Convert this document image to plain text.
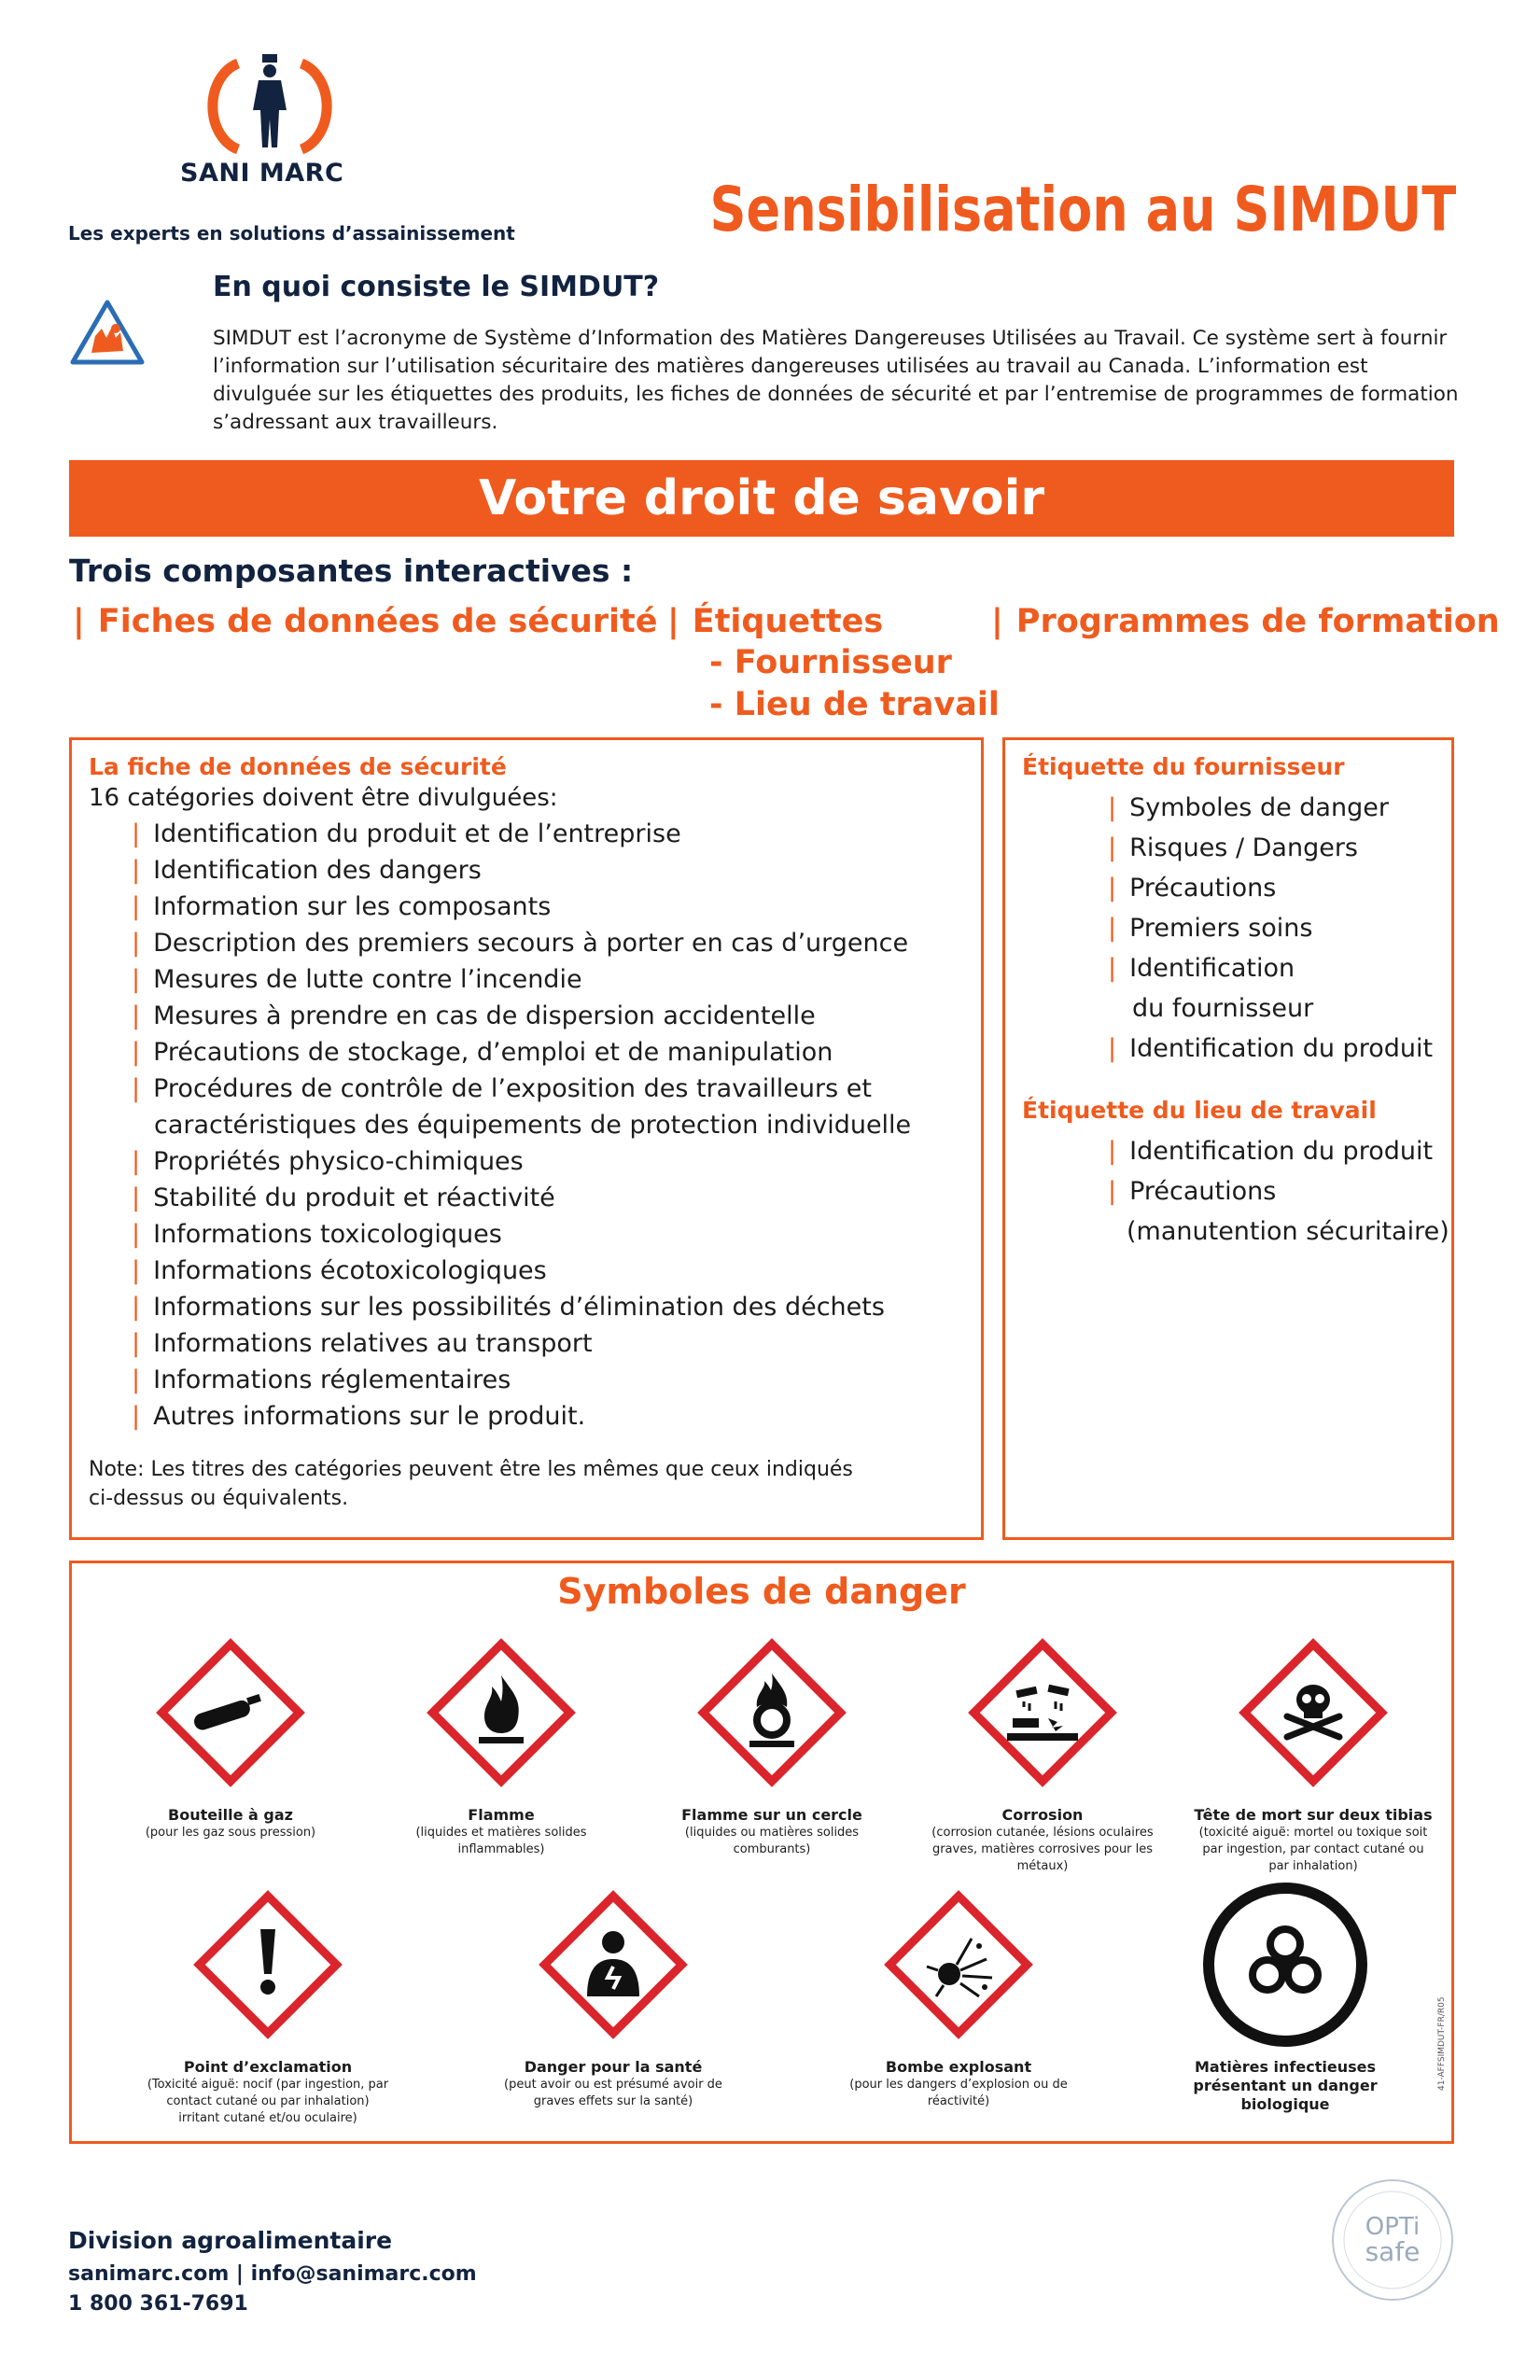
SANI MARC
Les experts en solutions d’assainissement	Sensibilisation au SIMDUT
En quoi consiste le SIMDUT?
SIMDUT est l’acronyme de Système d’Information des Matières Dangereuses Utilisées au Travail. Ce système sert à fournir l’information sur l’utilisation sécuritaire des matières dangereuses utilisées au travail au Canada. L’information est divulguée sur les étiquettes des produits, les fiches de données de sécurité et par l’entremise de programmes de formation s’adressant aux travailleurs.
Votre droit de savoir
Trois composantes interactives :
| Fiches de données de sécurité | Étiquettes
- Fournisseur
- Lieu de travail
| Programmes de formation
La fiche de données de sécurité
16 catégories doivent être divulguées:
| Identification du produit et de l’entreprise
| Identification des dangers
| Information sur les composants
| Description des premiers secours à porter en cas d’urgence
| Mesures de lutte contre l’incendie
| Mesures à prendre en cas de dispersion accidentelle
| Précautions de stockage, d’emploi et de manipulation
| Procédures de contrôle de l’exposition des travailleurs et
caractéristiques des équipements de protection individuelle
| Propriétés physico-chimiques
| Stabilité du produit et réactivité
| Informations toxicologiques
| Informations écotoxicologiques
| Informations sur les possibilités d’élimination des déchets
| Informations relatives au transport
| Informations réglementaires
| Autres informations sur le produit.
Note: Les titres des catégories peuvent être les mêmes que ceux indiqués
ci-dessus ou équivalents.
Étiquette du fournisseur
| Symboles de danger
| Risques / Dangers
| Précautions
| Premiers soins
| Identification
du fournisseur
| Identification du produit
Étiquette du lieu de travail
| Identification du produit
| Précautions
(manutention sécuritaire)
Symboles de danger
Bouteille à gaz
(pour les gaz sous pression)
Flamme
(liquides et matières solides inflammables)
Flamme sur un cercle
(liquides ou matières solides comburants)
Corrosion
(corrosion cutanée, lésions oculaires graves, matières corrosives pour les métaux)
Tête de mort sur deux tibias
(toxicité aiguë: mortel ou toxique soit par ingestion, par contact cutané ou par inhalation)
Point d’exclamation
(Toxicité aiguë: nocif (par ingestion, par contact cutané ou par inhalation) irritant cutané et/ou oculaire)
Danger pour la santé
(peut avoir ou est présumé avoir de graves effets sur la santé)
Bombe explosant
(pour les dangers d’explosion ou de réactivité)
Matières infectieuses présentant un danger biologique
Division agroalimentaire
sanimarc.com | info@sanimarc.com
1 800 361-7691
41-AFFSIMDUT-FR/R05
OPTi
safe
